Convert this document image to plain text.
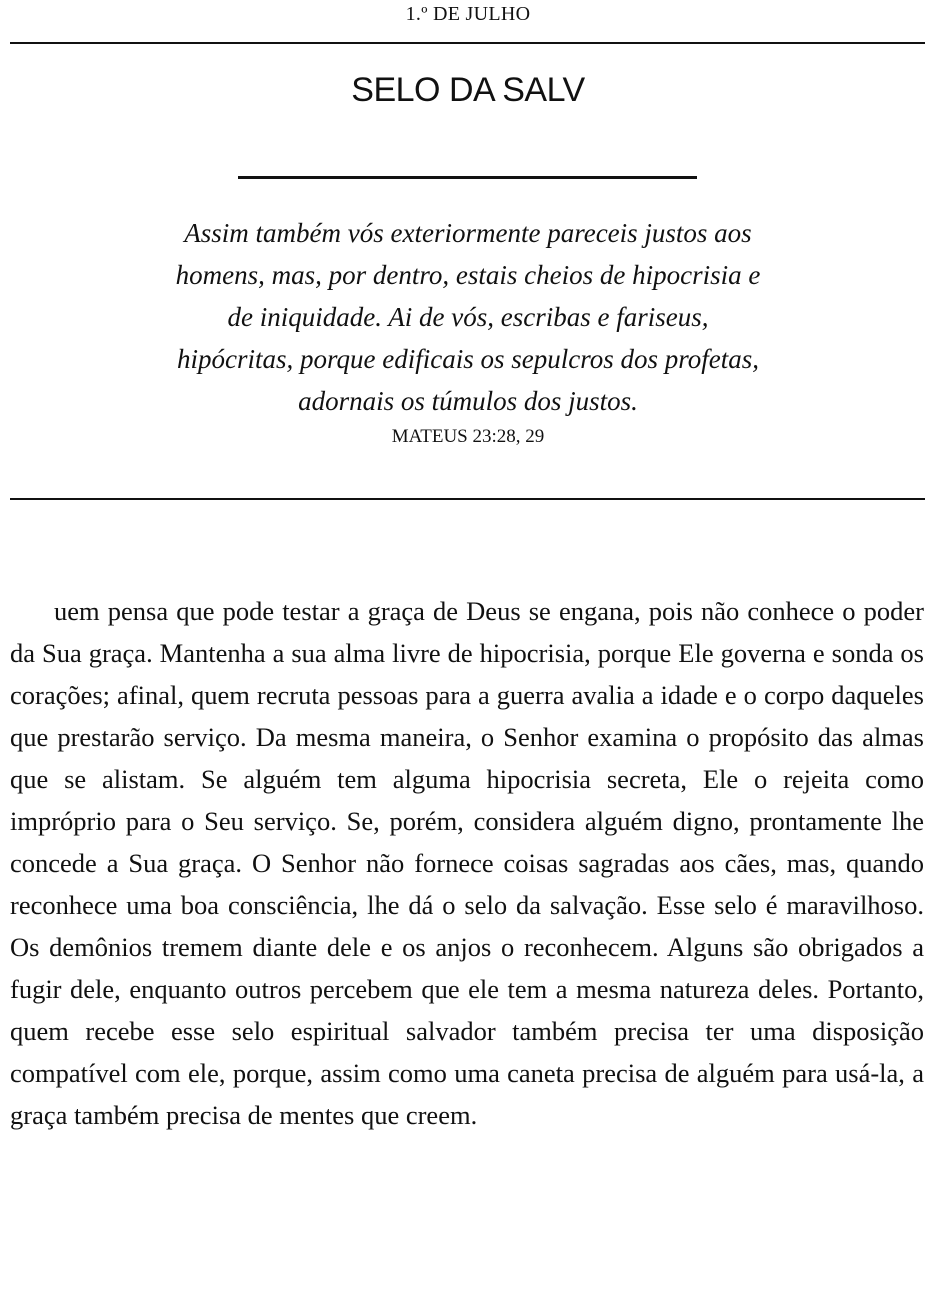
1.º DE JULHO
SELO DA SALV
Assim também vós exteriormente pareceis justos aos homens, mas, por dentro, estais cheios de hipocrisia e de iniquidade. Ai de vós, escribas e fariseus, hipócritas, porque edificais os sepulcros dos profetas, adornais os túmulos dos justos.
MATEUS 23:28, 29

uem pensa que pode testar a graça de Deus se engana, pois não conhece o poder da Sua graça. Mantenha a sua alma livre de hipocrisia, porque Ele governa e sonda os corações; afinal, quem recruta pessoas para a guerra avalia a idade e o corpo daqueles que prestarão serviço. Da mesma maneira, o Senhor examina o propósito das almas que se alistam. Se alguém tem alguma hipocrisia secreta, Ele o rejeita como impróprio para o Seu serviço. Se, porém, considera alguém digno, prontamente lhe concede a Sua graça. O Senhor não fornece coisas sagradas aos cães, mas, quando reconhece uma boa consciência, lhe dá o selo da salvação. Esse selo é maravilhoso. Os demônios tremem diante dele e os anjos o reconhecem. Alguns são obrigados a fugir dele, enquanto outros percebem que ele tem a mesma natureza deles. Portanto, quem recebe esse selo espiritual salvador também precisa ter uma disposição compatível com ele, porque, assim como uma caneta precisa de alguém para usá-la, a graça também precisa de mentes que creem.
